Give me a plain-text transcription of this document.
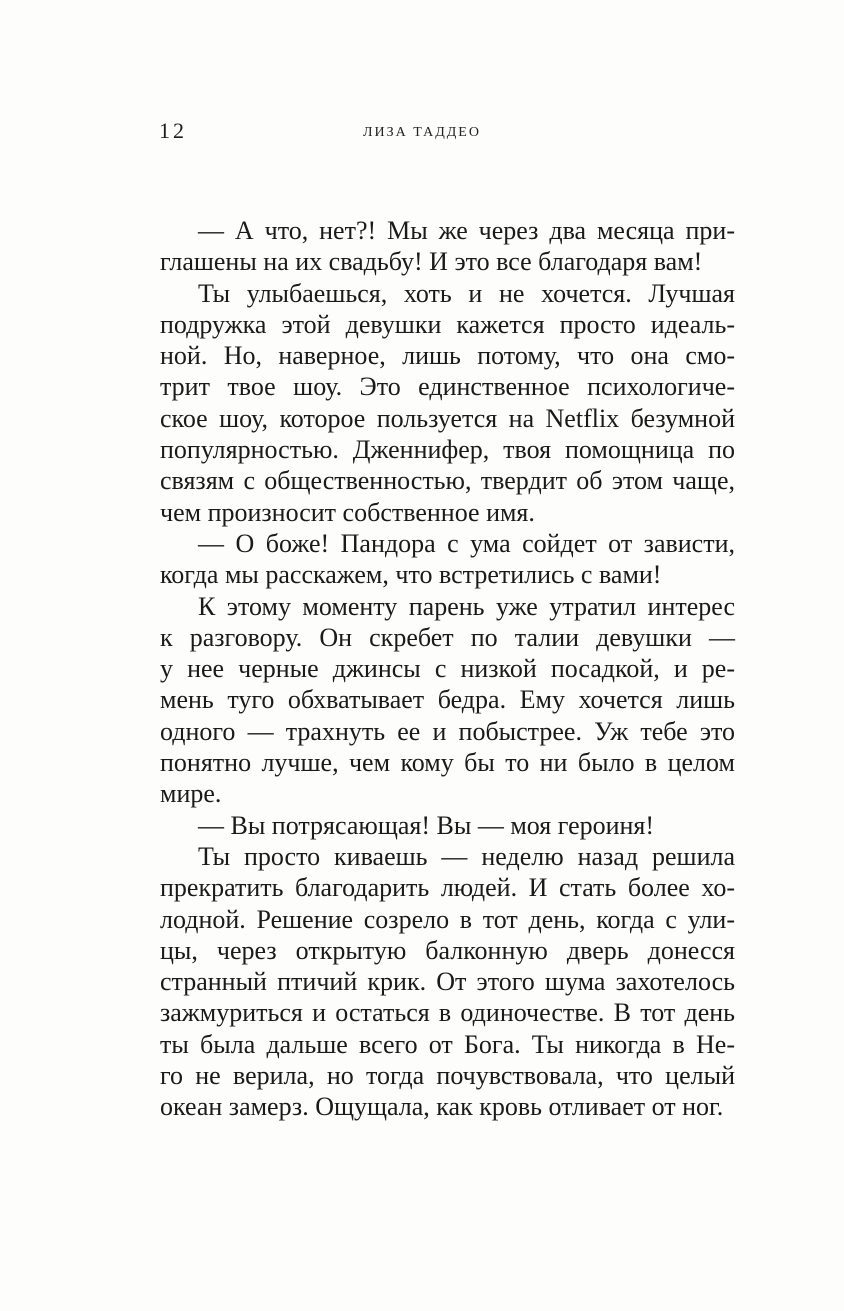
12	ЛИЗА ТАДДЕО
— А что, нет?! Мы же через два месяца при-
глашены на их свадьбу! И это все благодаря вам!
Ты улыбаешься, хоть и не хочется. Лучшая
подружка этой девушки кажется просто идеаль-
ной. Но, наверное, лишь потому, что она смо-
трит твое шоу. Это единственное психологиче-
ское шоу, которое пользуется на Netflix безумной
популярностью. Дженнифер, твоя помощница по
связям с общественностью, твердит об этом чаще,
чем произносит собственное имя.
— О боже! Пандора с ума сойдет от зависти,
когда мы расскажем, что встретились с вами!
К этому моменту парень уже утратил интерес
к разговору. Он скребет по талии девушки —
у нее черные джинсы с низкой посадкой, и ре-
мень туго обхватывает бедра. Ему хочется лишь
одного — трахнуть ее и побыстрее. Уж тебе это
понятно лучше, чем кому бы то ни было в целом
мире.
— Вы потрясающая! Вы — моя героиня!
Ты просто киваешь — неделю назад решила
прекратить благодарить людей. И стать более хо-
лодной. Решение созрело в тот день, когда с ули-
цы, через открытую балконную дверь донесся
странный птичий крик. От этого шума захотелось
зажмуриться и остаться в одиночестве. В тот день
ты была дальше всего от Бога. Ты никогда в Не-
го не верила, но тогда почувствовала, что целый
океан замерз. Ощущала, как кровь отливает от ног.
